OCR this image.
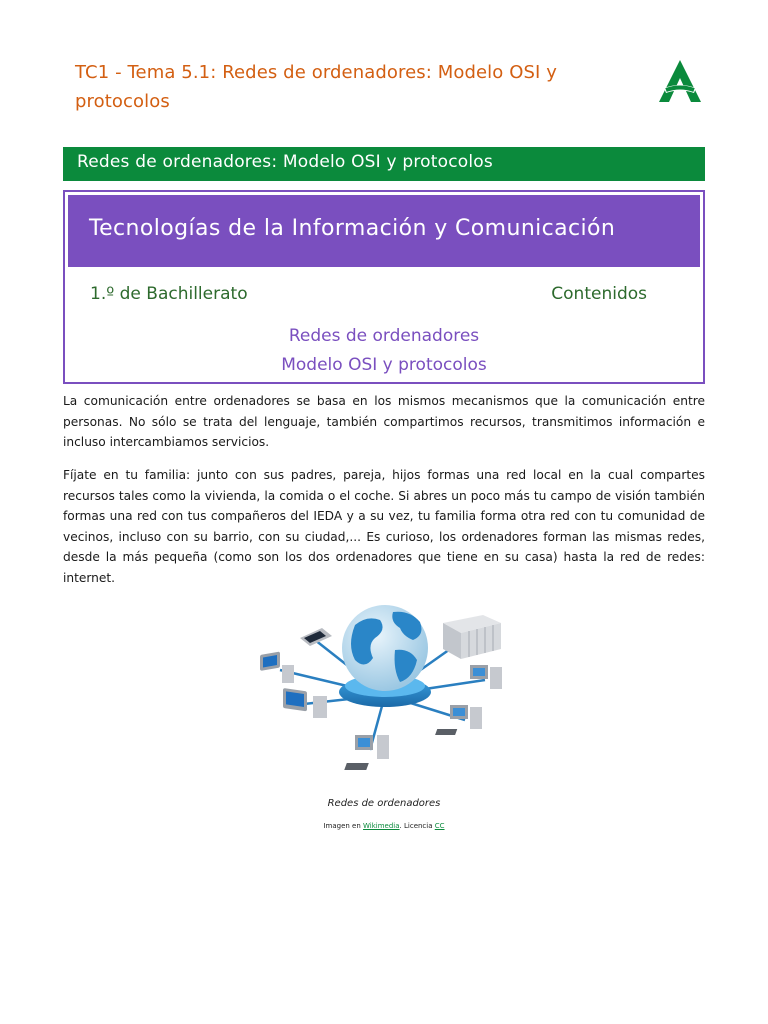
TC1 - Tema 5.1: Redes de ordenadores: Modelo OSI y protocolos
Redes de ordenadores: Modelo OSI y protocolos
Tecnologías de la Información y Comunicación
1.º de Bachillerato	Contenidos
Redes de ordenadores
Modelo OSI y protocolos

La comunicación entre ordenadores se basa en los mismos mecanismos que la comunicación entre personas. No sólo se trata del lenguaje, también compartimos recursos, transmitimos información e incluso intercambiamos servicios.

Fíjate en tu familia: junto con sus padres, pareja, hijos formas una red local en la cual compartes recursos tales como la vivienda, la comida o el coche. Si abres un poco más tu campo de visión también formas una red con tus compañeros del IEDA y a su vez, tu familia forma otra red con tu comunidad de vecinos, incluso con su barrio, con su ciudad,... Es curioso, los ordenadores forman las mismas redes, desde la más pequeña (como son los dos ordenadores que tiene en su casa) hasta la red de redes: internet.

Redes de ordenadores
Imagen en Wikimedia. Licencia CC
